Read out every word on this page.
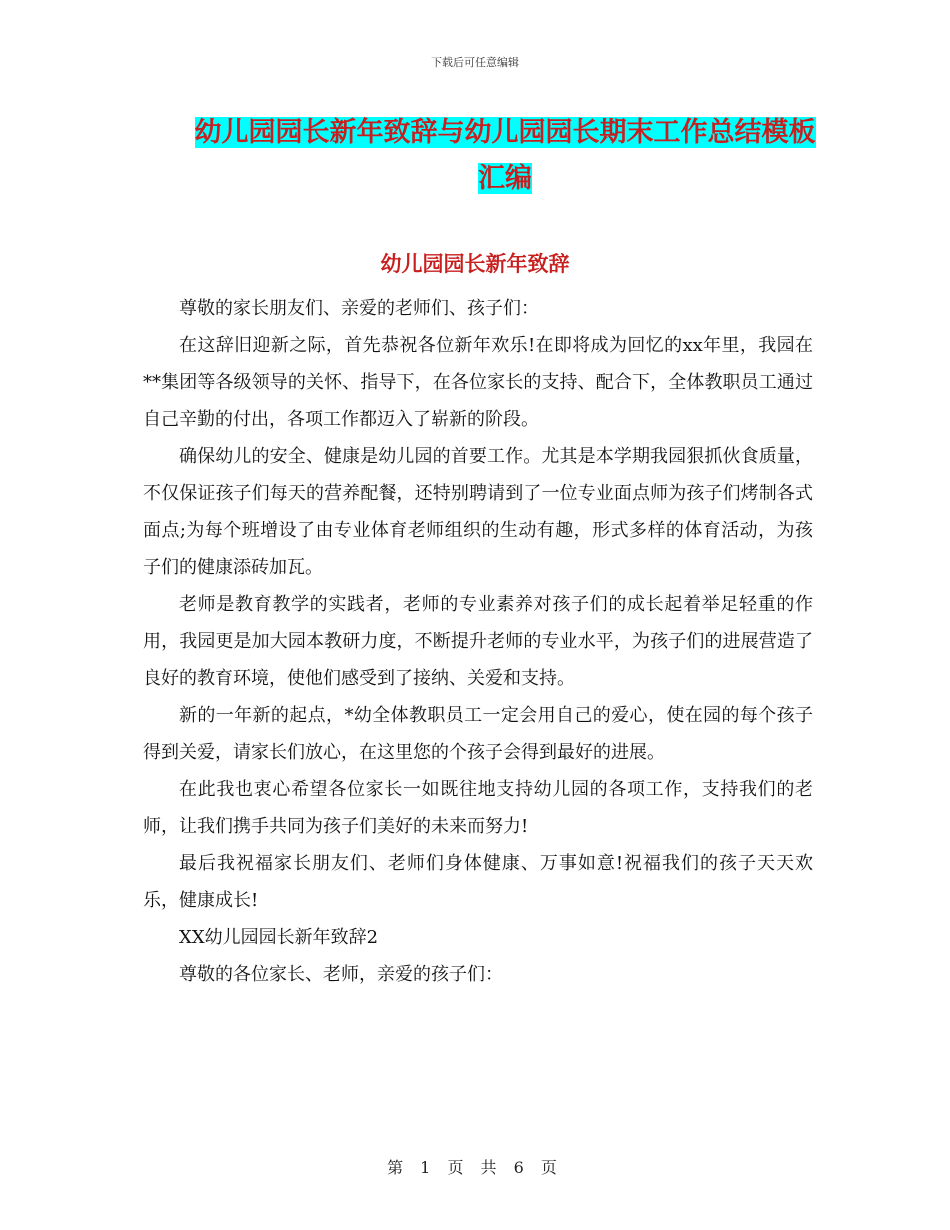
下载后可任意编辑
幼儿园园长新年致辞与幼儿园园长期末工作总结模板
汇编
幼儿园园长新年致辞

尊敬的家长朋友们、亲爱的老师们、孩子们：

在这辞旧迎新之际，首先恭祝各位新年欢乐!在即将成为回忆的xx年里，我园在**集团等各级领导的关怀、指导下，在各位家长的支持、配合下，全体教职员工通过自己辛勤的付出，各项工作都迈入了崭新的阶段。

确保幼儿的安全、健康是幼儿园的首要工作。尤其是本学期我园狠抓伙食质量，不仅保证孩子们每天的营养配餐，还特别聘请到了一位专业面点师为孩子们烤制各式面点;为每个班增设了由专业体育老师组织的生动有趣，形式多样的体育活动，为孩子们的健康添砖加瓦。

老师是教育教学的实践者，老师的专业素养对孩子们的成长起着举足轻重的作用，我园更是加大园本教研力度，不断提升老师的专业水平，为孩子们的进展营造了良好的教育环境，使他们感受到了接纳、关爱和支持。

新的一年新的起点，*幼全体教职员工一定会用自己的爱心，使在园的每个孩子得到关爱，请家长们放心，在这里您的个孩子会得到最好的进展。

在此我也衷心希望各位家长一如既往地支持幼儿园的各项工作，支持我们的老师，让我们携手共同为孩子们美好的未来而努力!

最后我祝福家长朋友们、老师们身体健康、万事如意!祝福我们的孩子天天欢乐，健康成长!

XX幼儿园园长新年致辞2

尊敬的各位家长、老师，亲爱的孩子们：

第 1 页 共 6 页
